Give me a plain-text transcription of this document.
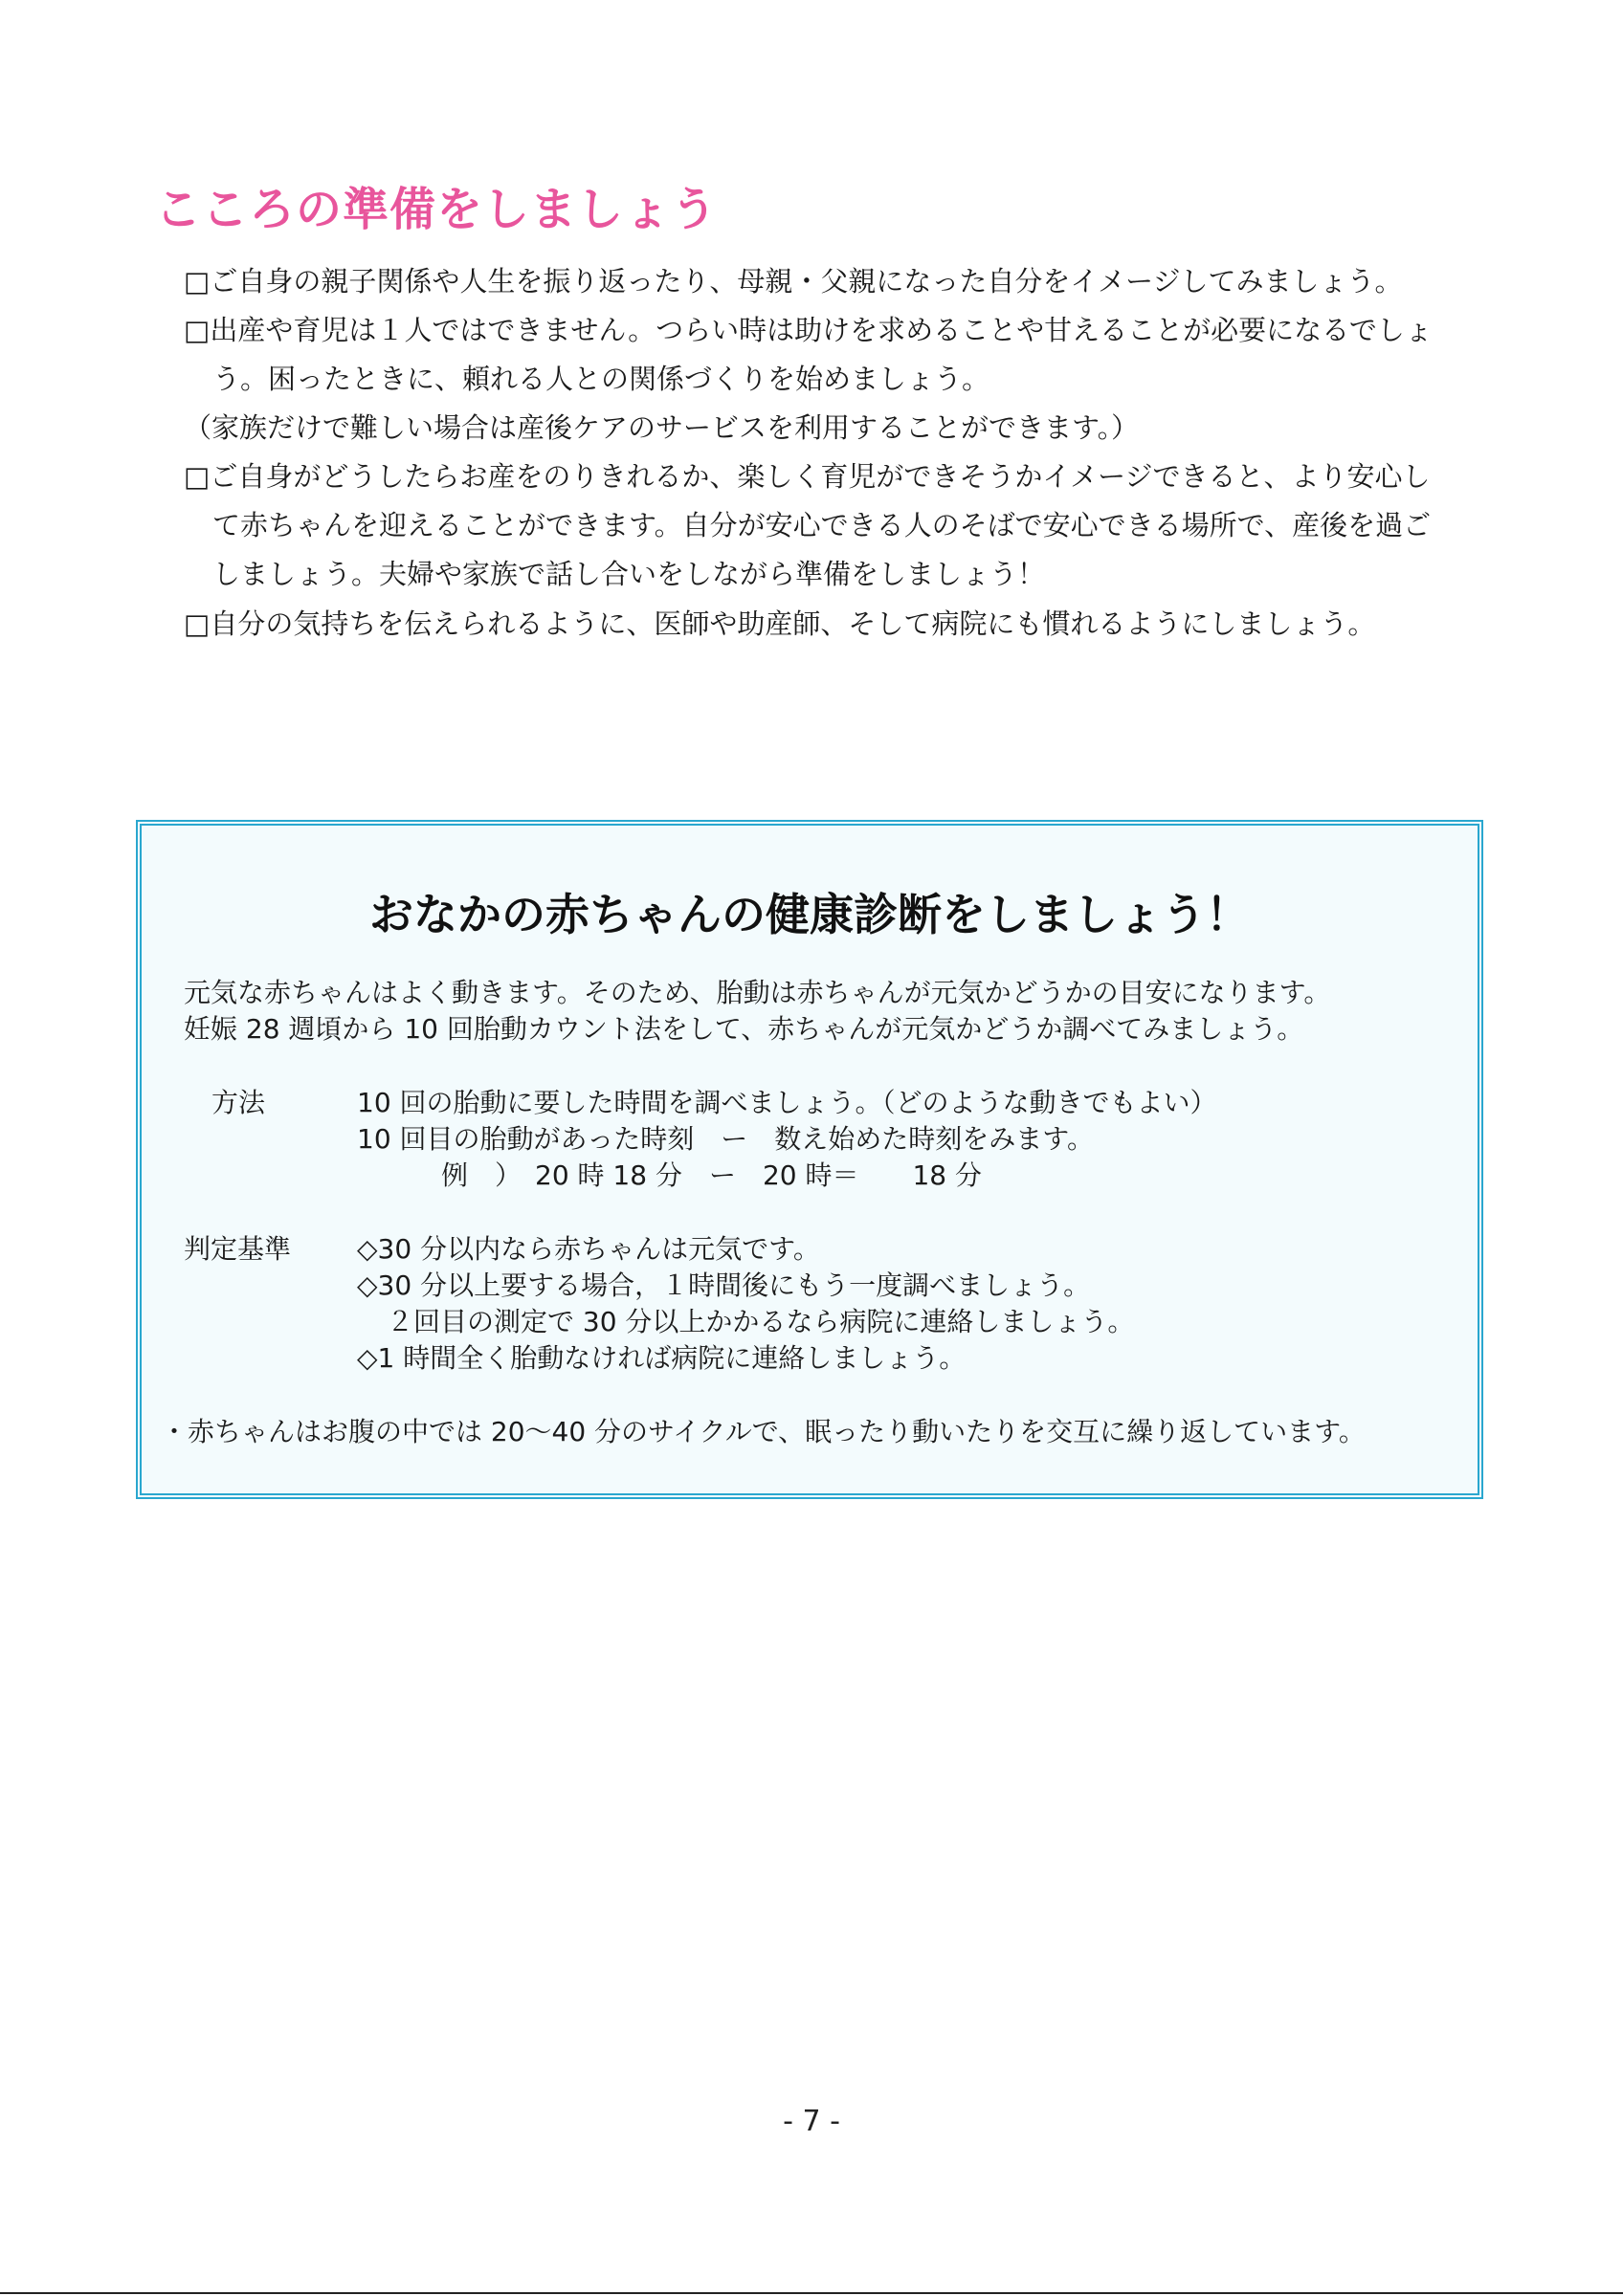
こころの準備をしましょう
□ご自身の親子関係や人生を振り返ったり、母親・父親になった自分をイメージしてみましょう。
□出産や育児は１人ではできません。つらい時は助けを求めることや甘えることが必要になるでしょ
う。困ったときに、頼れる人との関係づくりを始めましょう。
（家族だけで難しい場合は産後ケアのサービスを利用することができます。）
□ご自身がどうしたらお産をのりきれるか、楽しく育児ができそうかイメージできると、より安心し
て赤ちゃんを迎えることができます。自分が安心できる人のそばで安心できる場所で、産後を過ご
しましょう。夫婦や家族で話し合いをしながら準備をしましょう！
□自分の気持ちを伝えられるように、医師や助産師、そして病院にも慣れるようにしましょう。
おなかの赤ちゃんの健康診断をしましょう！
元気な赤ちゃんはよく動きます。そのため、胎動は赤ちゃんが元気かどうかの目安になります。
妊娠 28 週頃から 10 回胎動カウント法をして、赤ちゃんが元気かどうか調べてみましょう。
方法	10 回の胎動に要した時間を調べましょう。（どのような動きでもよい）
10 回目の胎動があった時刻　ー　数え始めた時刻をみます。
例　）　20 時 18 分　ー　20 時＝　　18 分
判定基準 ◇30 分以内なら赤ちゃんは元気です。
◇30 分以上要する場合，１時間後にもう一度調べましょう。
２回目の測定で 30 分以上かかるなら病院に連絡しましょう。
◇1 時間全く胎動なければ病院に連絡しましょう。
・赤ちゃんはお腹の中では 20～40 分のサイクルで、眠ったり動いたりを交互に繰り返しています。
- 7 -
